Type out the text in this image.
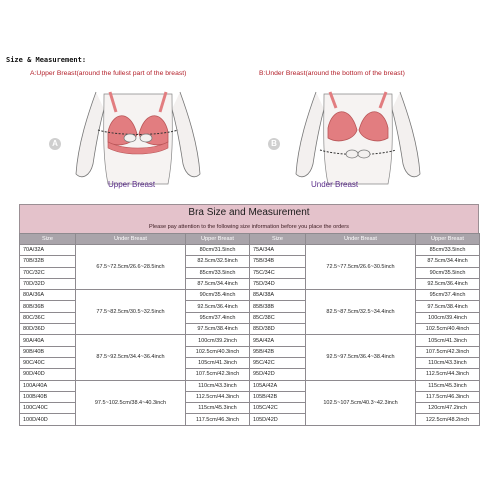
Size & Measurement:
A:Upper Breast(around the fullest part of the breast)	B:Under Breast(around the bottom of the breast)
A
Upper Breast
B
Under Breast
Bra Size and Measurement
Please pay attention to the following size information before you place the orders
Size	Under Breast	Upper Breast	Size	Under Breast	Upper Breast
70A/32A	67.5~72.5cm/26.6~28.5inch	80cm/31.5inch	75A/34A	72.5~77.5cm/26.6~30.5inch	85cm/33.5inch
70B/32B		82.5cm/32.5inch	75B/34B		87.5cm/34.4inch
70C/32C		85cm/33.5inch	75C/34C		90cm/35.5inch
70D/32D		87.5cm/34.4inch	75D/34D		92.5cm/36.4inch
80A/36A	77.5~82.5cm/30.5~32.5inch	90cm/35.4inch	85A/38A	82.5~87.5cm/32.5~34.4inch	95cm/37.4inch
80B/36B		92.5cm/36.4inch	85B/38B		97.5cm/38.4inch
80C/36C		95cm/37.4inch	85C/38C		100cm/39.4inch
80D/36D		97.5cm/38.4inch	85D/38D		102.5cm/40.4inch
90A/40A	87.5~92.5cm/34.4~36.4inch	100cm/39.2inch	95A/42A	92.5~97.5cm/36.4~38.4inch	105cm/41.3inch
90B/40B		102.5cm/40.3inch	95B/42B		107.5cm/42.3inch
90C/40C		105cm/41.3inch	95C/42C		110cm/43.3inch
90D/40D		107.5cm/42.3inch	95D/42D		112.5cm/44.3inch
100A/40A	97.5~102.5cm/38.4~40.3inch	110cm/43.3inch	105A/42A	102.5~107.5cm/40.3~42.3inch	115cm/45.3inch
100B/40B		112.5cm/44.3inch	105B/42B		117.5cm/46.3inch
100C/40C		115cm/45.3inch	105C/42C		120cm/47.2inch
100D/40D		117.5cm/46.3inch	105D/42D		122.5cm/48.2inch
